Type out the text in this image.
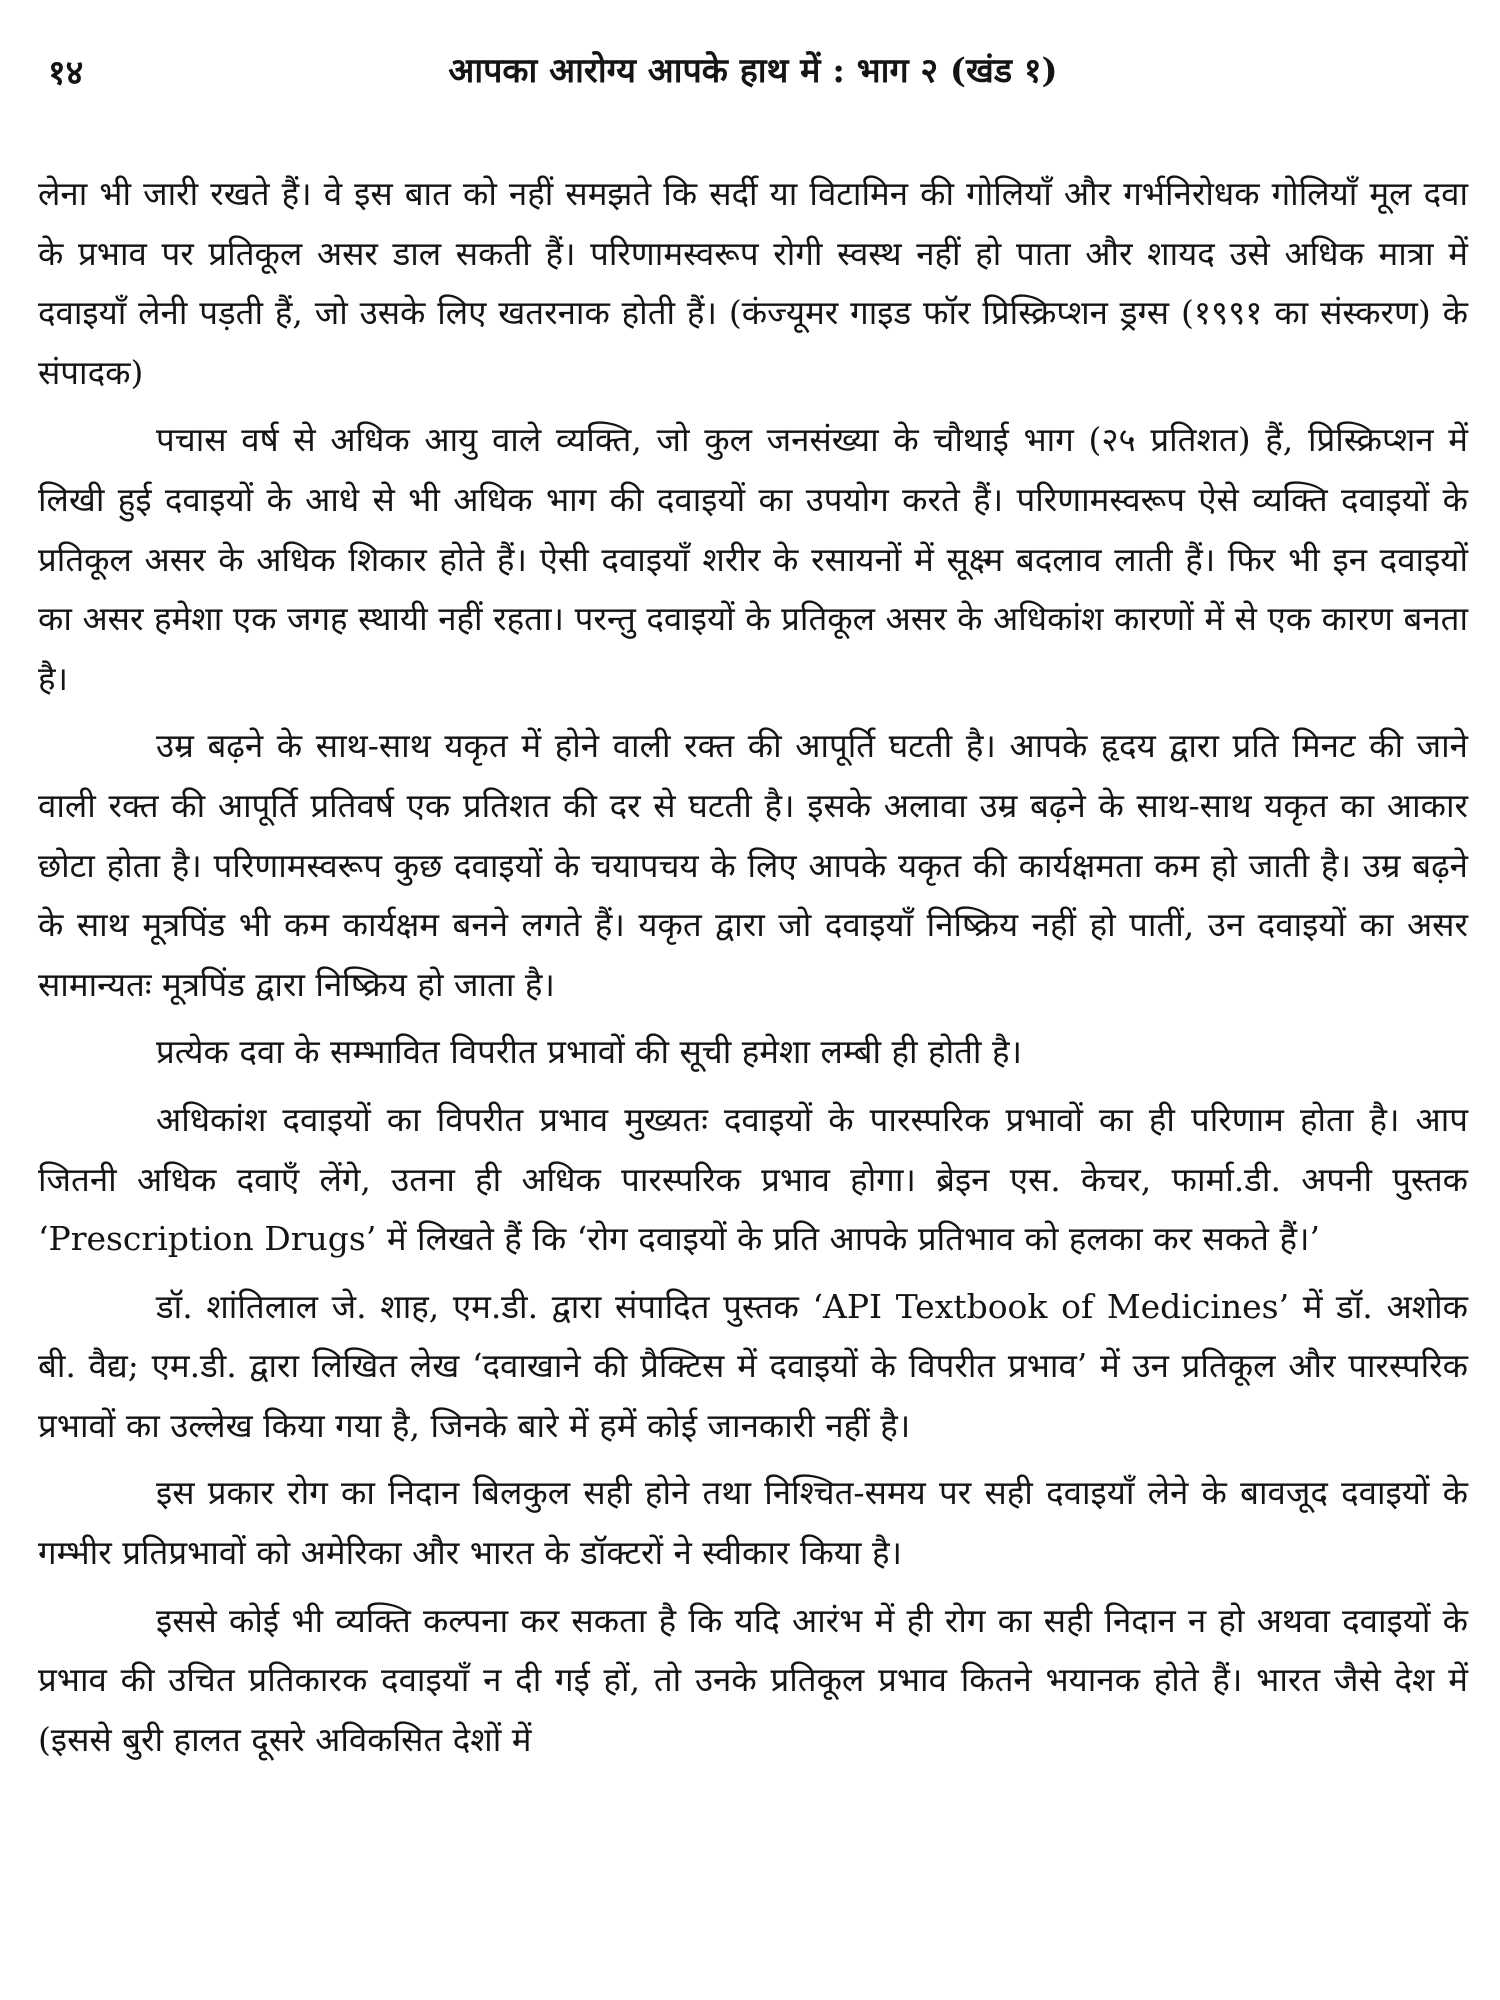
१४	आपका आरोग्य आपके हाथ में : भाग २ (खंड १)

लेना भी जारी रखते हैं। वे इस बात को नहीं समझते कि सर्दी या विटामिन की गोलियाँ और गर्भनिरोधक गोलियाँ मूल दवा के प्रभाव पर प्रतिकूल असर डाल सकती हैं। परिणामस्वरूप रोगी स्वस्थ नहीं हो पाता और शायद उसे अधिक मात्रा में दवाइयाँ लेनी पड़ती हैं, जो उसके लिए खतरनाक होती हैं। (कंज्यूमर गाइड फॉर प्रिस्क्रिप्शन ड्रग्स (१९९१ का संस्करण) के संपादक)

पचास वर्ष से अधिक आयु वाले व्यक्ति, जो कुल जनसंख्या के चौथाई भाग (२५ प्रतिशत) हैं, प्रिस्क्रिप्शन में लिखी हुई दवाइयों के आधे से भी अधिक भाग की दवाइयों का उपयोग करते हैं। परिणामस्वरूप ऐसे व्यक्ति दवाइयों के प्रतिकूल असर के अधिक शिकार होते हैं। ऐसी दवाइयाँ शरीर के रसायनों में सूक्ष्म बदलाव लाती हैं। फिर भी इन दवाइयों का असर हमेशा एक जगह स्थायी नहीं रहता। परन्तु दवाइयों के प्रतिकूल असर के अधिकांश कारणों में से एक कारण बनता है।

उम्र बढ़ने के साथ-साथ यकृत में होने वाली रक्त की आपूर्ति घटती है। आपके हृदय द्वारा प्रति मिनट की जाने वाली रक्त की आपूर्ति प्रतिवर्ष एक प्रतिशत की दर से घटती है। इसके अलावा उम्र बढ़ने के साथ-साथ यकृत का आकार छोटा होता है। परिणामस्वरूप कुछ दवाइयों के चयापचय के लिए आपके यकृत की कार्यक्षमता कम हो जाती है। उम्र बढ़ने के साथ मूत्रपिंड भी कम कार्यक्षम बनने लगते हैं। यकृत द्वारा जो दवाइयाँ निष्क्रिय नहीं हो पातीं, उन दवाइयों का असर सामान्यतः मूत्रपिंड द्वारा निष्क्रिय हो जाता है।

प्रत्येक दवा के सम्भावित विपरीत प्रभावों की सूची हमेशा लम्बी ही होती है।

अधिकांश दवाइयों का विपरीत प्रभाव मुख्यतः दवाइयों के पारस्परिक प्रभावों का ही परिणाम होता है। आप जितनी अधिक दवाएँ लेंगे, उतना ही अधिक पारस्परिक प्रभाव होगा। ब्रेइन एस. केचर, फार्मा.डी. अपनी पुस्तक ‘Prescription Drugs’ में लिखते हैं कि ‘रोग दवाइयों के प्रति आपके प्रतिभाव को हलका कर सकते हैं।’

डॉ. शांतिलाल जे. शाह, एम.डी. द्वारा संपादित पुस्तक ‘API Textbook of Medicines’ में डॉ. अशोक बी. वैद्य; एम.डी. द्वारा लिखित लेख ‘दवाखाने की प्रैक्टिस में दवाइयों के विपरीत प्रभाव’ में उन प्रतिकूल और पारस्परिक प्रभावों का उल्लेख किया गया है, जिनके बारे में हमें कोई जानकारी नहीं है।

इस प्रकार रोग का निदान बिलकुल सही होने तथा निश्चित-समय पर सही दवाइयाँ लेने के बावजूद दवाइयों के गम्भीर प्रतिप्रभावों को अमेरिका और भारत के डॉक्टरों ने स्वीकार किया है।

इससे कोई भी व्यक्ति कल्पना कर सकता है कि यदि आरंभ में ही रोग का सही निदान न हो अथवा दवाइयों के प्रभाव की उचित प्रतिकारक दवाइयाँ न दी गई हों, तो उनके प्रतिकूल प्रभाव कितने भयानक होते हैं। भारत जैसे देश में (इससे बुरी हालत दूसरे अविकसित देशों में
